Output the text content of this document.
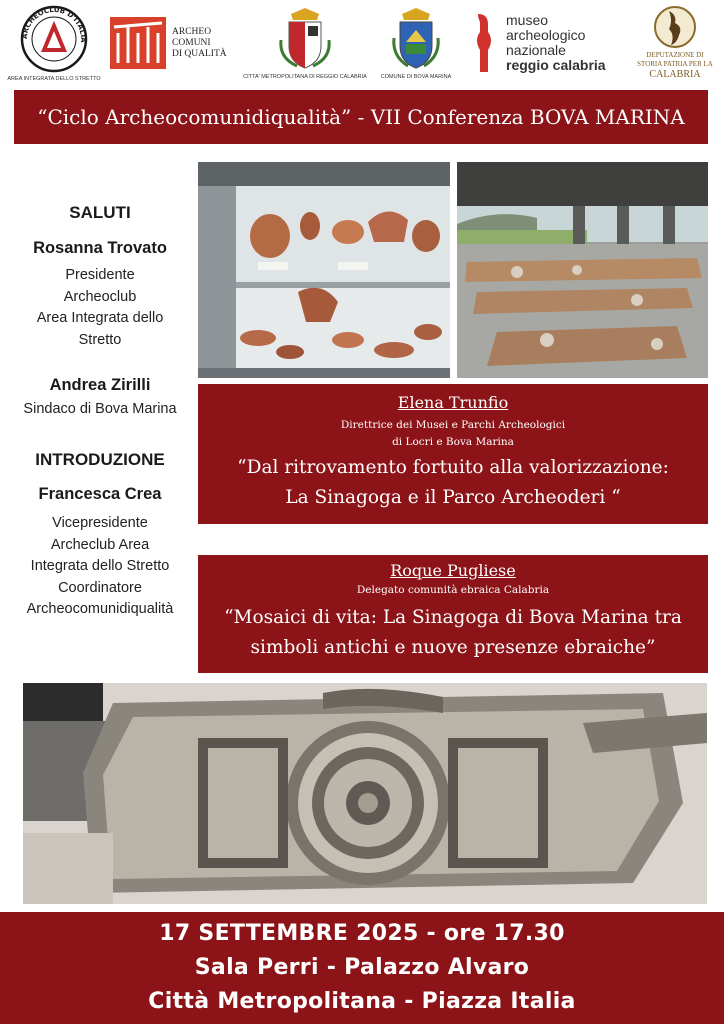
ARCHEOCLUB D'ITALIA
AREA INTEGRATA DELLO STRETTO
ARCHEO
COMUNI
DI QUALITÀ
CITTA' METROPOLITANA DI REGGIO CALABRIA	COMUNE DI BOVA MARINA
museo
archeologico
nazionale
reggio calabria
DEPUTAZIONE DI
STORIA PATRIA PER LA
CALABRIA
“Ciclo Archeocomunidiqualità” - VII Conferenza BOVA MARINA
SALUTI
Rosanna Trovato
Presidente
Archeoclub
Area Integrata dello
Stretto
Andrea Zirilli
Sindaco di Bova Marina
INTRODUZIONE
Francesca Crea
Vicepresidente
Archeclub Area
Integrata dello Stretto
Coordinatore
Archeocomunidiqualità
Elena Trunfio
Direttrice dei Musei e Parchi Archeologici
di Locri e Bova Marina
“Dal ritrovamento fortuito alla valorizzazione:
La Sinagoga e il Parco Archeoderi “
Roque Pugliese
Delegato comunità ebraica Calabria
“Mosaici di vita: La Sinagoga di Bova Marina tra
simboli antichi e nuove presenze ebraiche”
17 SETTEMBRE 2025 - ore 17.30
Sala Perri - Palazzo Alvaro
Città Metropolitana - Piazza Italia
